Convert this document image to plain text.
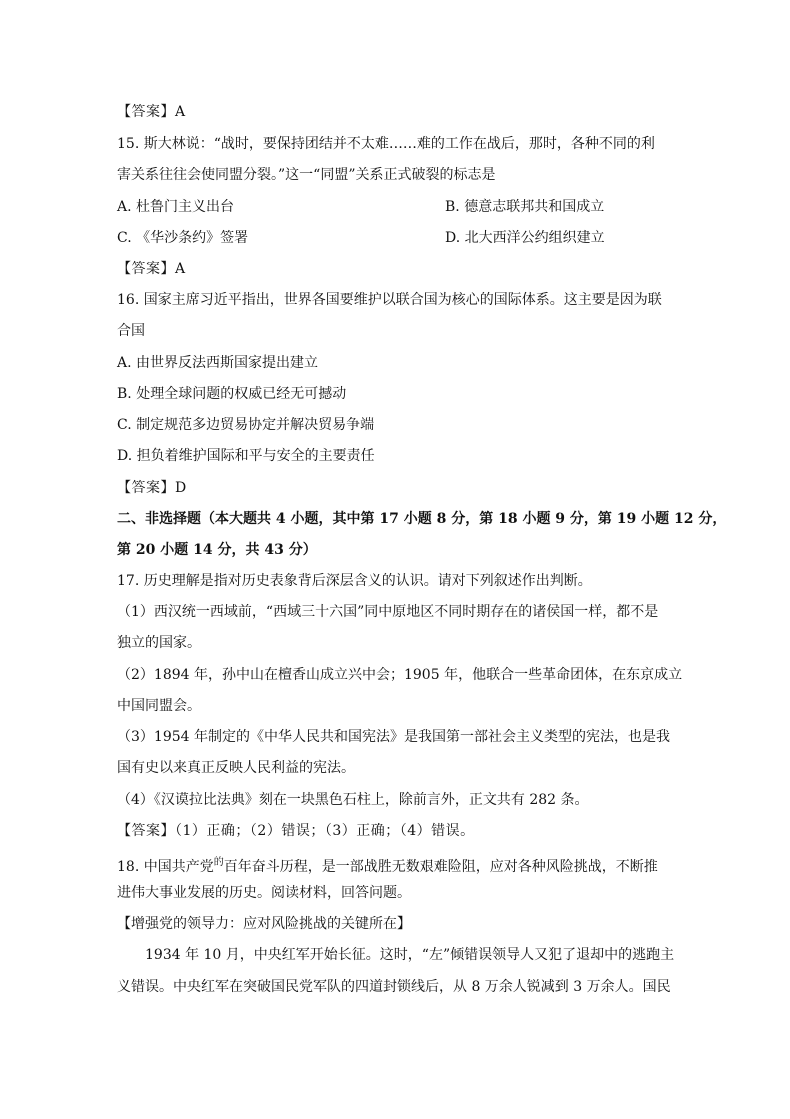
【答案】A
15. 斯大林说：“战时，要保持团结并不太难……难的工作在战后，那时，各种不同的利
害关系往往会使同盟分裂。”这一“同盟”关系正式破裂的标志是
A. 杜鲁门主义出台	B. 德意志联邦共和国成立
C. 《华沙条约》签署	D. 北大西洋公约组织建立
【答案】A
16. 国家主席习近平指出，世界各国要维护以联合国为核心的国际体系。这主要是因为联
合国
A. 由世界反法西斯国家提出建立
B. 处理全球问题的权威已经无可撼动
C. 制定规范多边贸易协定并解决贸易争端
D. 担负着维护国际和平与安全的主要责任
【答案】D
二、非选择题（本大题共 4 小题，其中第 17 小题 8 分，第 18 小题 9 分，第 19 小题 12 分，
第 20 小题 14 分，共 43 分）
17. 历史理解是指对历史表象背后深层含义的认识。请对下列叙述作出判断。
（1）西汉统一西域前，“西域三十六国”同中原地区不同时期存在的诸侯国一样，都不是
独立的国家。
（2）1894 年，孙中山在檀香山成立兴中会；1905 年，他联合一些革命团体，在东京成立
中国同盟会。
（3）1954 年制定的《中华人民共和国宪法》是我国第一部社会主义类型的宪法，也是我
国有史以来真正反映人民利益的宪法。
（4）《汉谟拉比法典》刻在一块黑色石柱上，除前言外，正文共有 282 条。
【答案】（1）正确；（2）错误；（3）正确；（4）错误。
18. 中国共产党$^的$百年奋斗历程，是一部战胜无数艰难险阻，应对各种风险挑战，不断推
进伟大事业发展的历史。阅读材料，回答问题。
【增强党的领导力：应对风险挑战的关键所在】
　　1934 年 10 月，中央红军开始长征。这时，“左”倾错误领导人又犯了退却中的逃跑主
义错误。中央红军在突破国民党军队的四道封锁线后，从 8 万余人锐减到 3 万余人。国民
